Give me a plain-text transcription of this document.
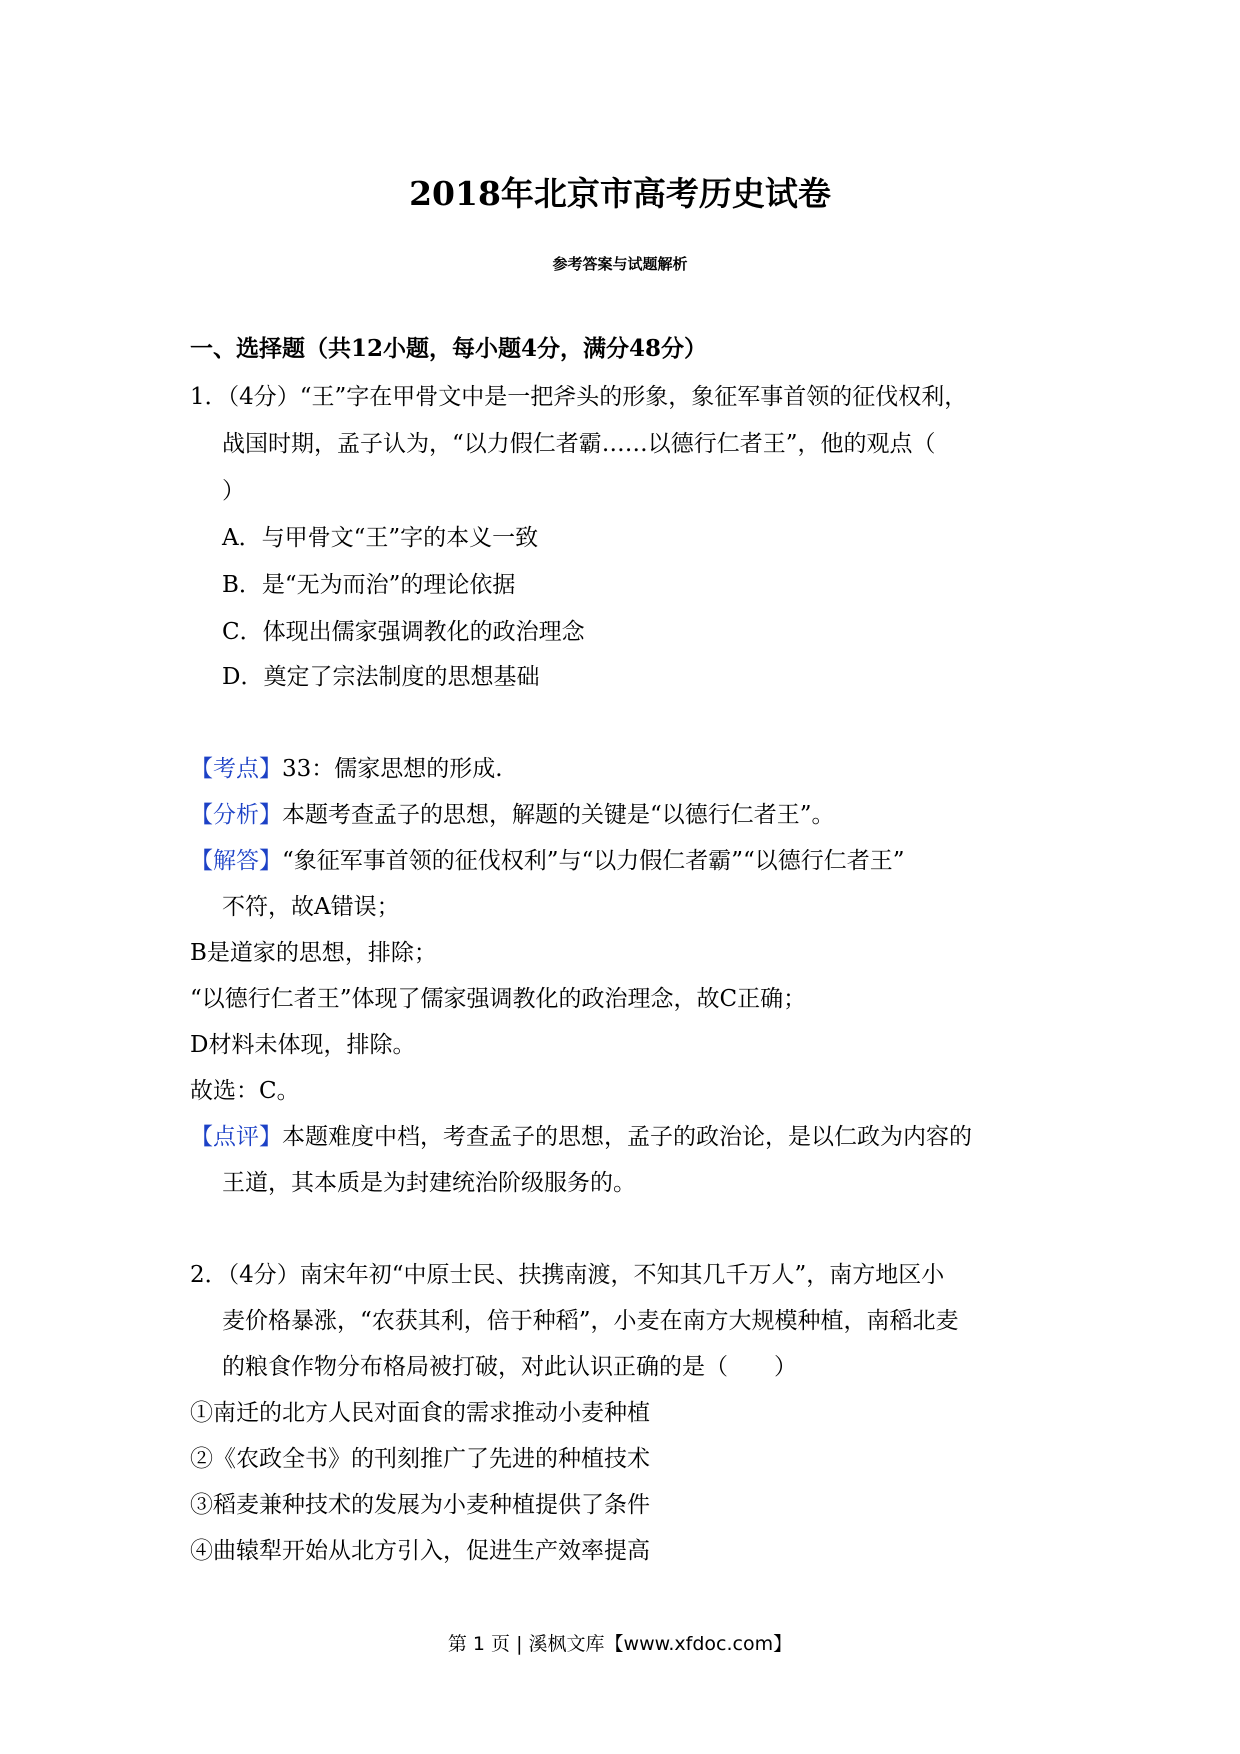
2018年北京市高考历史试卷
参考答案与试题解析
一、选择题（共12小题，每小题4分，满分48分）
1．（4分）“王”字在甲骨文中是一把斧头的形象，象征军事首领的征伐权利，
战国时期，孟子认为，“以力假仁者霸……以德行仁者王”，他的观点（
）
A．与甲骨文“王”字的本义一致
B．是“无为而治”的理论依据
C．体现出儒家强调教化的政治理念
D．奠定了宗法制度的思想基础
【考点】33：儒家思想的形成.
【分析】本题考查孟子的思想，解题的关键是“以德行仁者王”。
【解答】“象征军事首领的征伐权利”与“以力假仁者霸”“以德行仁者王”
不符，故A错误；
B是道家的思想，排除；
“以德行仁者王”体现了儒家强调教化的政治理念，故C正确；
D材料未体现，排除。
故选：C。
【点评】本题难度中档，考查孟子的思想，孟子的政治论，是以仁政为内容的
王道，其本质是为封建统治阶级服务的。
2．（4分）南宋年初“中原士民、扶携南渡，不知其几千万人”，南方地区小
麦价格暴涨，“农获其利，倍于种稻”，小麦在南方大规模种植，南稻北麦
的粮食作物分布格局被打破，对此认识正确的是（　　）
①南迁的北方人民对面食的需求推动小麦种植
②《农政全书》的刊刻推广了先进的种植技术
③稻麦兼种技术的发展为小麦种植提供了条件
④曲辕犁开始从北方引入，促进生产效率提高
第 1 页 | 溪枫文库【www.xfdoc.com】
